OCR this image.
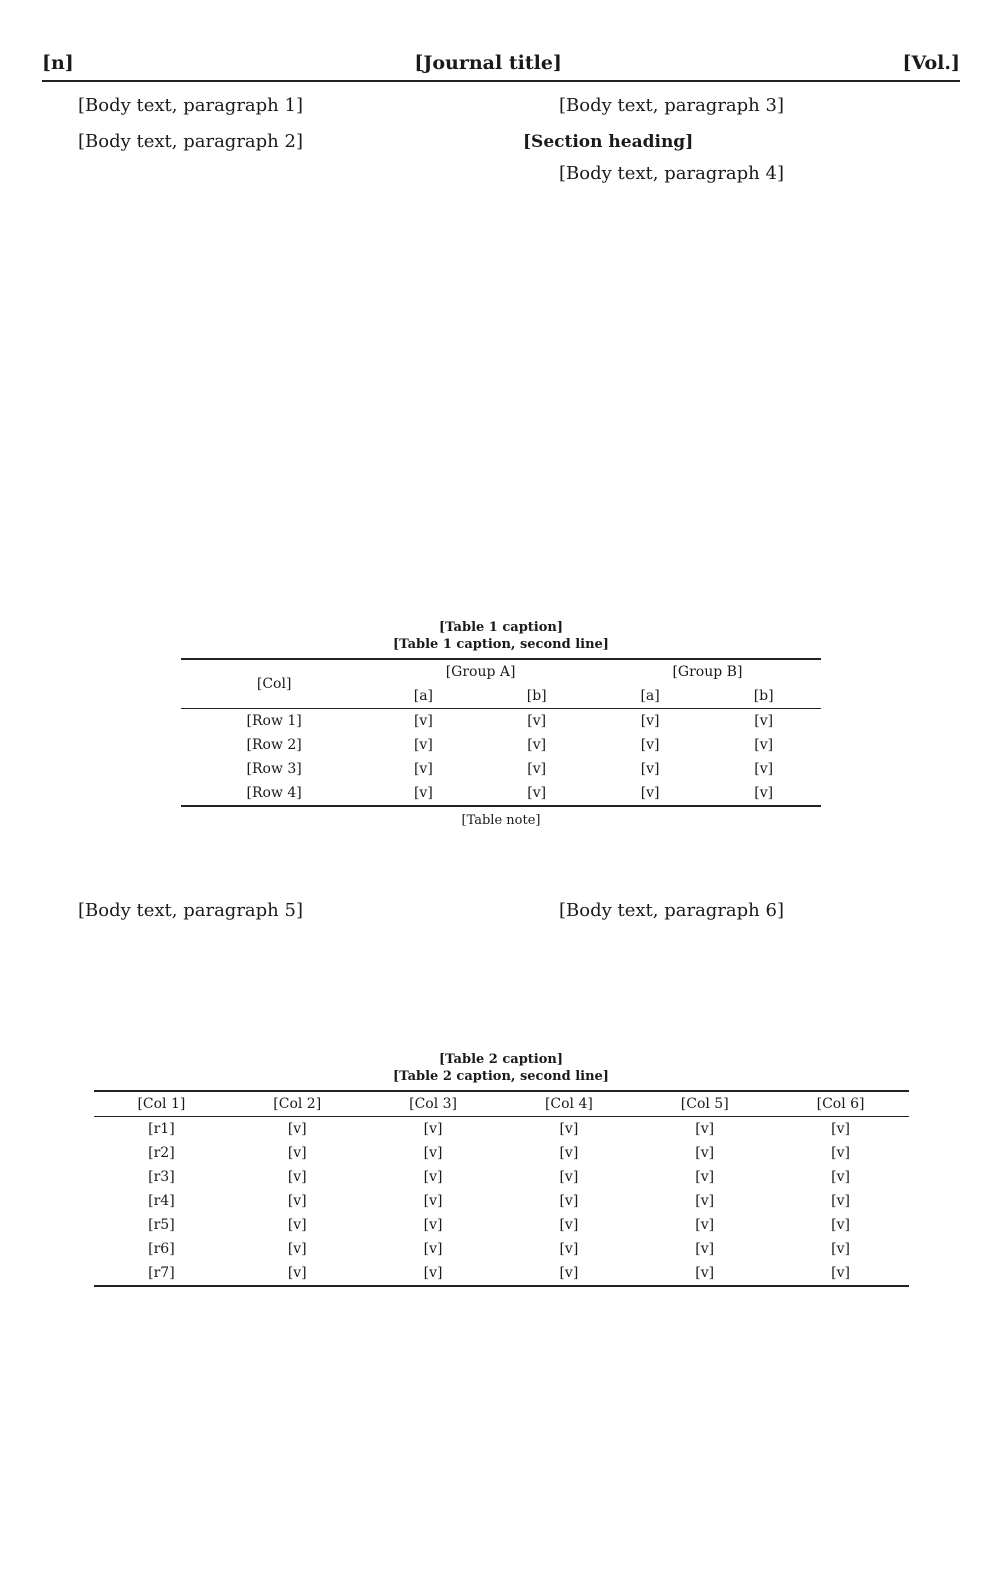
[n]	[Journal title]	[Vol.]

[Body text, paragraph 1]

[Body text, paragraph 2]

[Body text, paragraph 3]

[Section heading]

[Body text, paragraph 4]

[Table 1 caption]
[Table 1 caption, second line]
[Col]	[Group A]		[Group B]	
	[a]	[b]	[a]	[b]
[Row 1]	[v]	[v]	[v]	[v]
[Row 2]	[v]	[v]	[v]	[v]
[Row 3]	[v]	[v]	[v]	[v]
[Row 4]	[v]	[v]	[v]	[v]
[Table note]

[Body text, paragraph 5]	[Body text, paragraph 6]

[Table 2 caption]
[Table 2 caption, second line]
[Col 1]	[Col 2]	[Col 3]	[Col 4]	[Col 5]	[Col 6]
[r1]	[v]	[v]	[v]	[v]	[v]
[r2]	[v]	[v]	[v]	[v]	[v]
[r3]	[v]	[v]	[v]	[v]	[v]
[r4]	[v]	[v]	[v]	[v]	[v]
[r5]	[v]	[v]	[v]	[v]	[v]
[r6]	[v]	[v]	[v]	[v]	[v]
[r7]	[v]	[v]	[v]	[v]	[v]
